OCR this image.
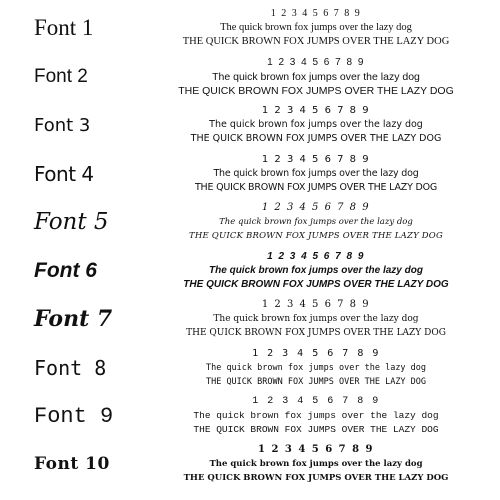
Font 1
1 2 3 4 5 6 7 8 9
The quick brown fox jumps over the lazy dog
THE QUICK BROWN FOX JUMPS OVER THE LAZY DOG
Font 2
1 2 3 4 5 6 7 8 9
The quick brown fox jumps over the lazy dog
THE QUICK BROWN FOX JUMPS OVER THE LAZY DOG
Font 3
1 2 3 4 5 6 7 8 9
The quick brown fox jumps over the lazy dog
THE QUICK BROWN FOX JUMPS OVER THE LAZY DOG
Font 4
1 2 3 4 5 6 7 8 9
The quick brown fox jumps over the lazy dog
THE QUICK BROWN FOX JUMPS OVER THE LAZY DOG
Font 5
1 2 3 4 5 6 7 8 9
The quick brown fox jumps over the lazy dog
THE QUICK BROWN FOX JUMPS OVER THE LAZY DOG
Font 6
1 2 3 4 5 6 7 8 9
The quick brown fox jumps over the lazy dog
THE QUICK BROWN FOX JUMPS OVER THE LAZY DOG
Font 7
1 2 3 4 5 6 7 8 9
The quick brown fox jumps over the lazy dog
THE QUICK BROWN FOX JUMPS OVER THE LAZY DOG
Font 8
1 2 3 4 5 6 7 8 9
The quick brown fox jumps over the lazy dog
THE QUICK BROWN FOX JUMPS OVER THE LAZY DOG
Font 9
1 2 3 4 5 6 7 8 9
The quick brown fox jumps over the lazy dog
THE QUICK BROWN FOX JUMPS OVER THE LAZY DOG
Font 10
1 2 3 4 5 6 7 8 9
The quick brown fox jumps over the lazy dog
THE QUICK BROWN FOX JUMPS OVER THE LAZY DOG
